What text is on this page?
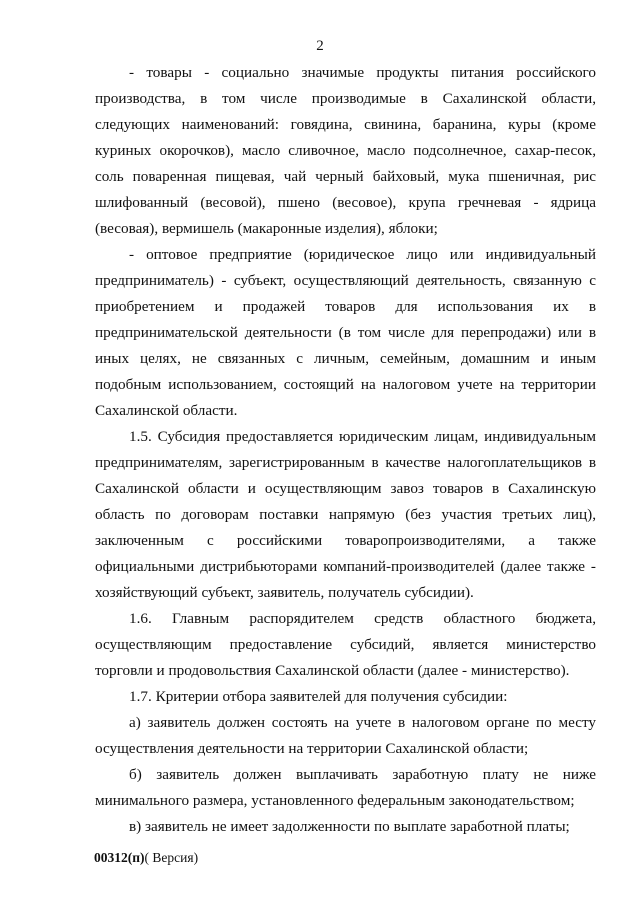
2

- товары - социально значимые продукты питания российского производства, в том числе производимые в Сахалинской области, следующих наименований: говядина, свинина, баранина, куры (кроме куриных окорочков), масло сливочное, масло подсолнечное, сахар-песок, соль поваренная пищевая, чай черный байховый, мука пшеничная, рис шлифованный (весовой), пшено (весовое), крупа гречневая - ядрица (весовая), вермишель (макаронные изделия), яблоки;

- оптовое предприятие (юридическое лицо или индивидуальный предприниматель) - субъект, осуществляющий деятельность, связанную с приобретением и продажей товаров для использования их в предпринимательской деятельности (в том числе для перепродажи) или в иных целях, не связанных с личным, семейным, домашним и иным подобным использованием, состоящий на налоговом учете на территории Сахалинской области.

1.5. Субсидия предоставляется юридическим лицам, индивидуальным предпринимателям, зарегистрированным в качестве налогоплательщиков в Сахалинской области и осуществляющим завоз товаров в Сахалинскую область по договорам поставки напрямую (без участия третьих лиц), заключенным с российскими товаропроизводителями, а также официальными дистрибьюторами компаний-производителей (далее также - хозяйствующий субъект, заявитель, получатель субсидии).

1.6. Главным распорядителем средств областного бюджета, осуществляющим предоставление субсидий, является министерство торговли и продовольствия Сахалинской области (далее - министерство).

1.7. Критерии отбора заявителей для получения субсидии:

а) заявитель должен состоять на учете в налоговом органе по месту осуществления деятельности на территории Сахалинской области;

б) заявитель должен выплачивать заработную плату не ниже минимального размера, установленного федеральным законодательством;

в) заявитель не имеет задолженности по выплате заработной платы;

00312(п)( Версия)
